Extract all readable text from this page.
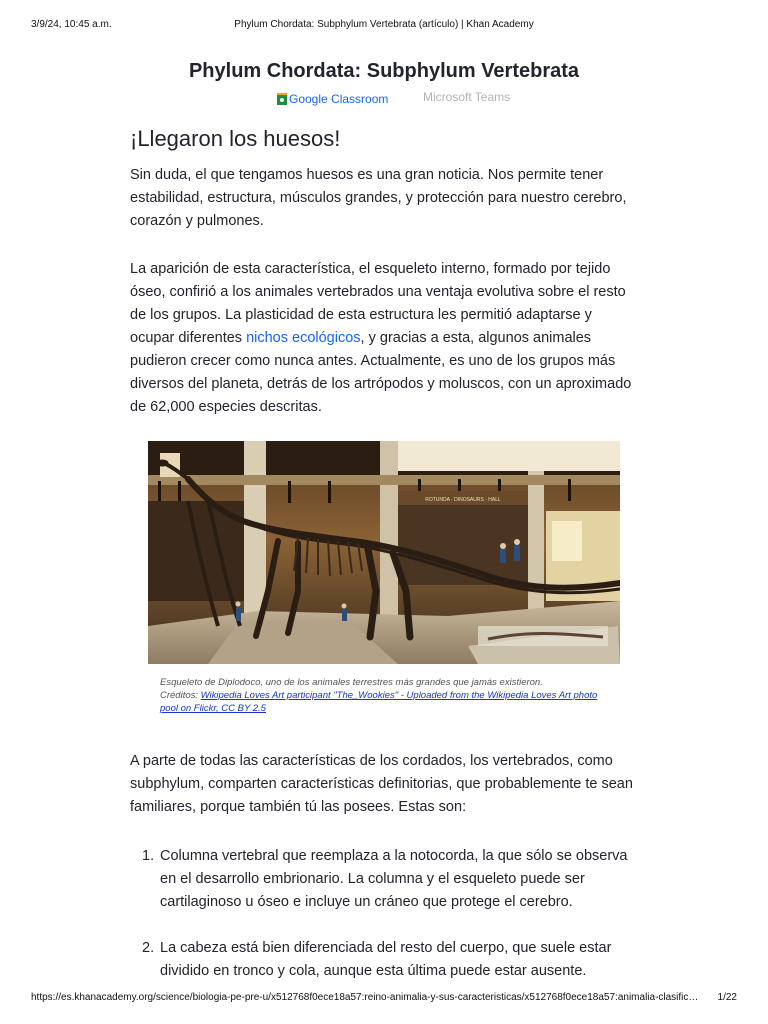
3/9/24, 10:45 a.m.	Phylum Chordata: Subphylum Vertebrata (artículo) | Khan Academy
Phylum Chordata: Subphylum Vertebrata
Google Classroom	Microsoft Teams
¡Llegaron los huesos!

Sin duda, el que tengamos huesos es una gran noticia. Nos permite tener estabilidad, estructura, músculos grandes, y protección para nuestro cerebro, corazón y pulmones.

La aparición de esta característica, el esqueleto interno, formado por tejido óseo, confirió a los animales vertebrados una ventaja evolutiva sobre el resto de los grupos. La plasticidad de esta estructura les permitió adaptarse y ocupar diferentes nichos ecológicos, y gracias a esta, algunos animales pudieron crecer como nunca antes. Actualmente, es uno de los grupos más diversos del planeta, detrás de los artrópodos y moluscos, con un aproximado de 62,000 especies descritas.

ROTUNDA · DINOSAURS · HALL
Esqueleto de Diplodoco, uno de los animales terrestres más grandes que jamás existieron.
Créditos: Wikipedia Loves Art participant "The_Wookies" - Uploaded from the Wikipedia Loves Art photo pool on Flickr, CC BY 2.5

A parte de todas las características de los cordados, los vertebrados, como subphylum, comparten características definitorias, que probablemente te sean familiares, porque también tú las posees. Estas son:

1. Columna vertebral que reemplaza a la notocorda, la que sólo se observa en el desarrollo embrionario. La columna y el esqueleto puede ser cartilaginoso u óseo e incluye un cráneo que protege el cerebro.
2. La cabeza está bien diferenciada del resto del cuerpo, que suele estar dividido en tronco y cola, aunque esta última puede estar ausente.
https://es.khanacademy.org/science/biologia-pe-pre-u/x512768f0ece18a57:reino-animalia-y-sus-caracteristicas/x512768f0ece18a57:animalia-clasific…	1/22
